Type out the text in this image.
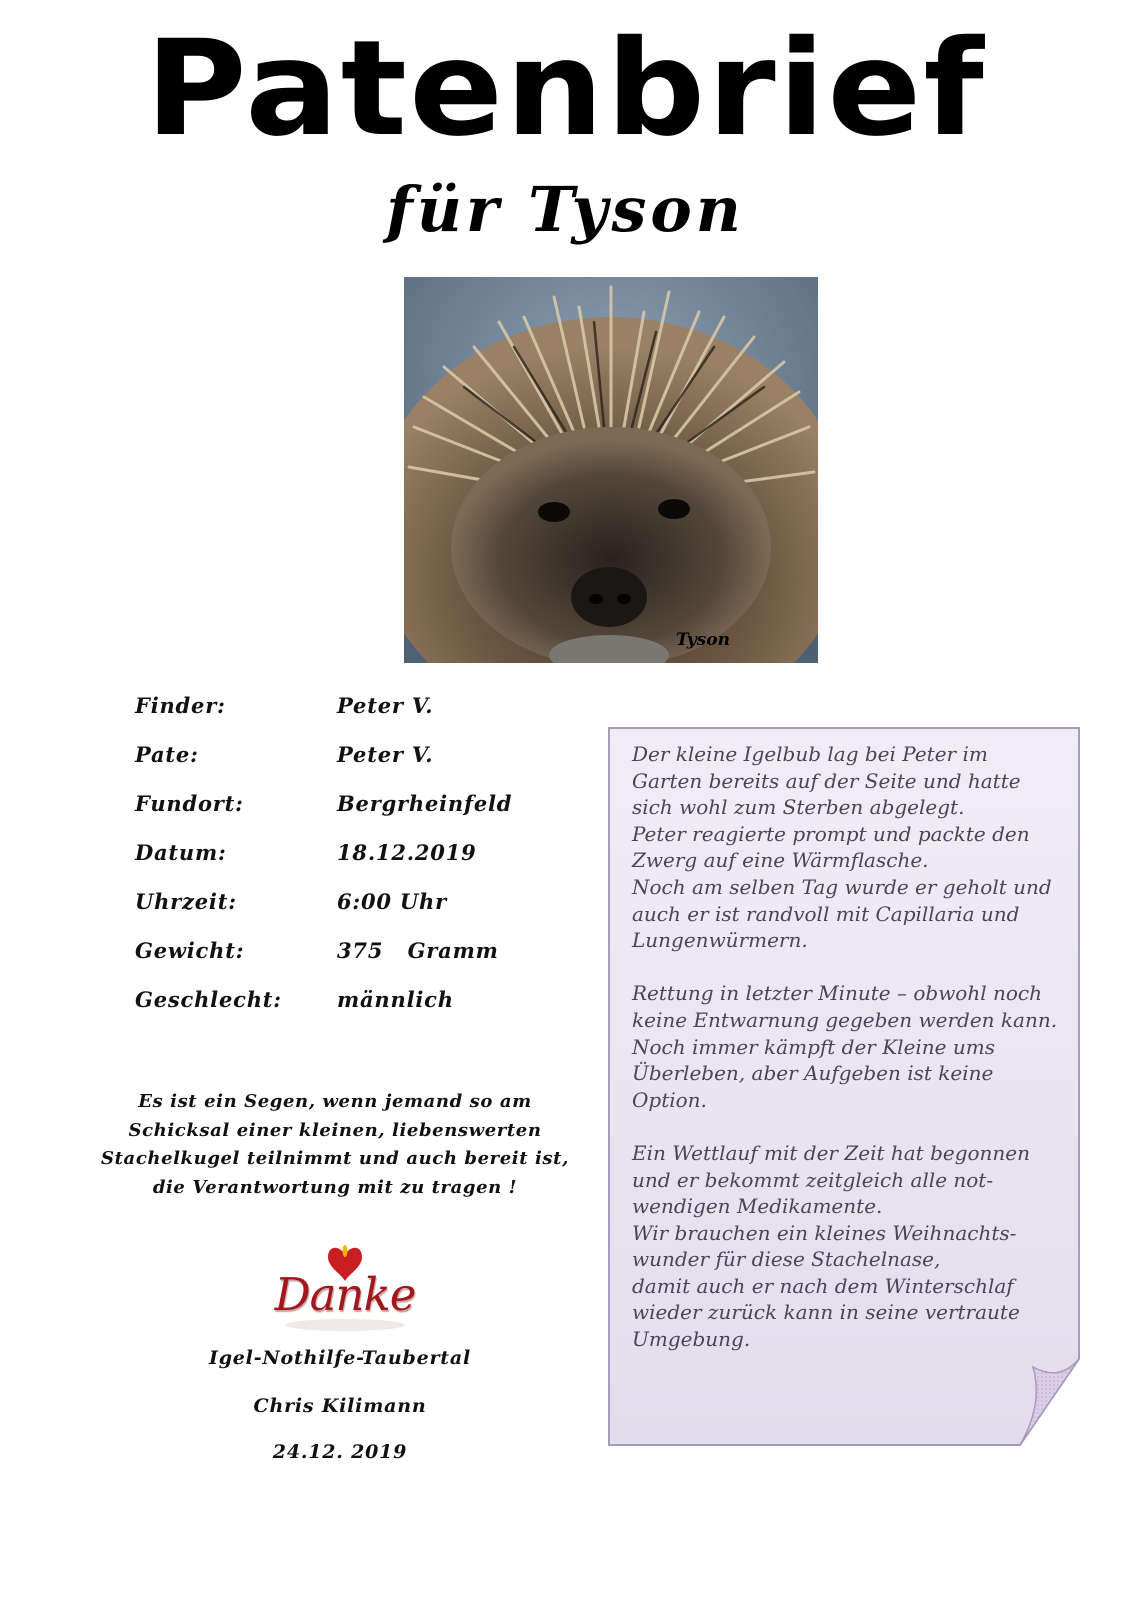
Patenbrief
für Tyson
Tyson
Finder:	Peter V.
Pate:	Peter V.
Fundort:	Bergrheinfeld
Datum:	18.12.2019
Uhrzeit:	6:00 Uhr
Gewicht:	375   Gramm
Geschlecht:	männlich
Es ist ein Segen, wenn jemand so am
Schicksal einer kleinen, liebenswerten
Stachelkugel teilnimmt und auch bereit ist,
die Verantwortung mit zu tragen !
Danke
Igel-Nothilfe-Taubertal
Chris Kilimann
24.12. 2019
Der kleine Igelbub lag bei Peter im
Garten bereits auf der Seite und hatte
sich wohl zum Sterben abgelegt.
Peter reagierte prompt und packte den
Zwerg auf eine Wärmflasche.
Noch am selben Tag wurde er geholt und
auch er ist randvoll mit Capillaria und
Lungenwürmern.
Rettung in letzter Minute – obwohl noch
keine Entwarnung gegeben werden kann.
Noch immer kämpft der Kleine ums
Überleben, aber Aufgeben ist keine
Option.
Ein Wettlauf mit der Zeit hat begonnen
und er bekommt zeitgleich alle not-
wendigen Medikamente.
Wir brauchen ein kleines Weihnachts-
wunder für diese Stachelnase,
damit auch er nach dem Winterschlaf
wieder zurück kann in seine vertraute
Umgebung.
